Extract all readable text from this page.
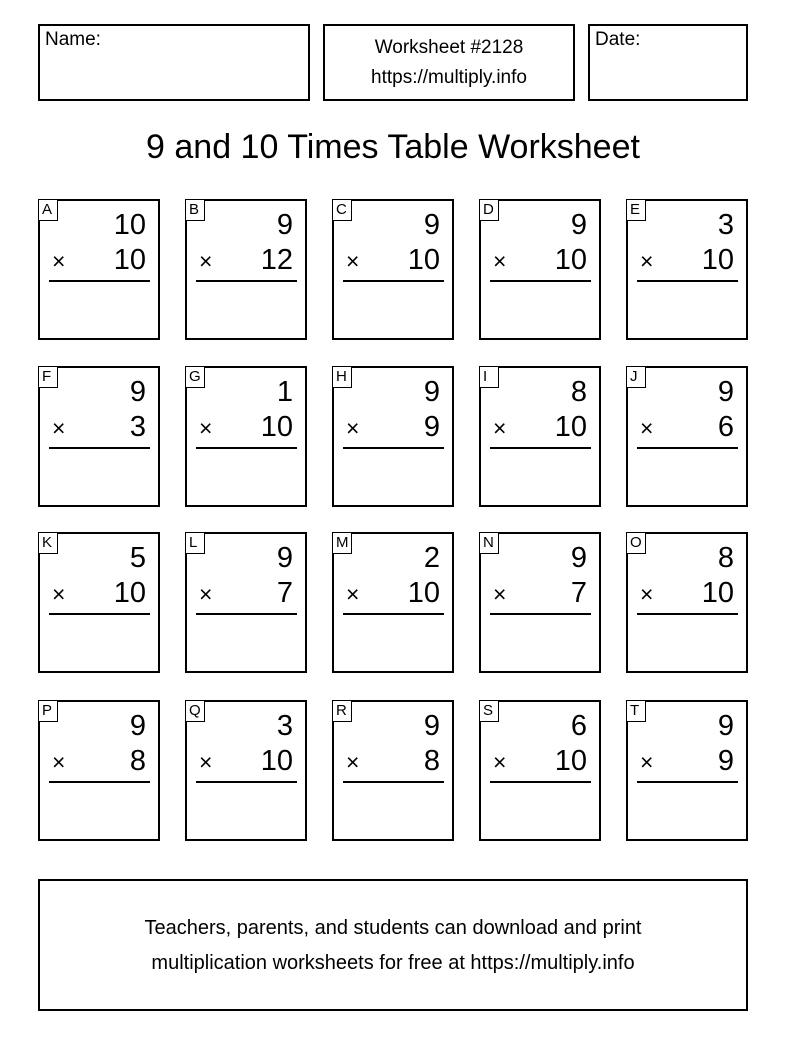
Name:	Worksheet #2128
https://multiply.info
Date:
9 and 10 Times Table Worksheet
A 10
× 10
B	9
× 12
C	9
× 10
D	9
× 10
E	3
× 10
F	9
× 3
G	1
× 10
H	9
× 9
I	8
× 10
J	9
× 6
K	5
× 10
L	9
× 7
M	2
× 10
N	9
× 7
O	8
× 10
P	9
× 8
Q	3
× 10
R	9
× 8
S	6
× 10
T	9
× 9
Teachers, parents, and students can download and print
multiplication worksheets for free at https://multiply.info
